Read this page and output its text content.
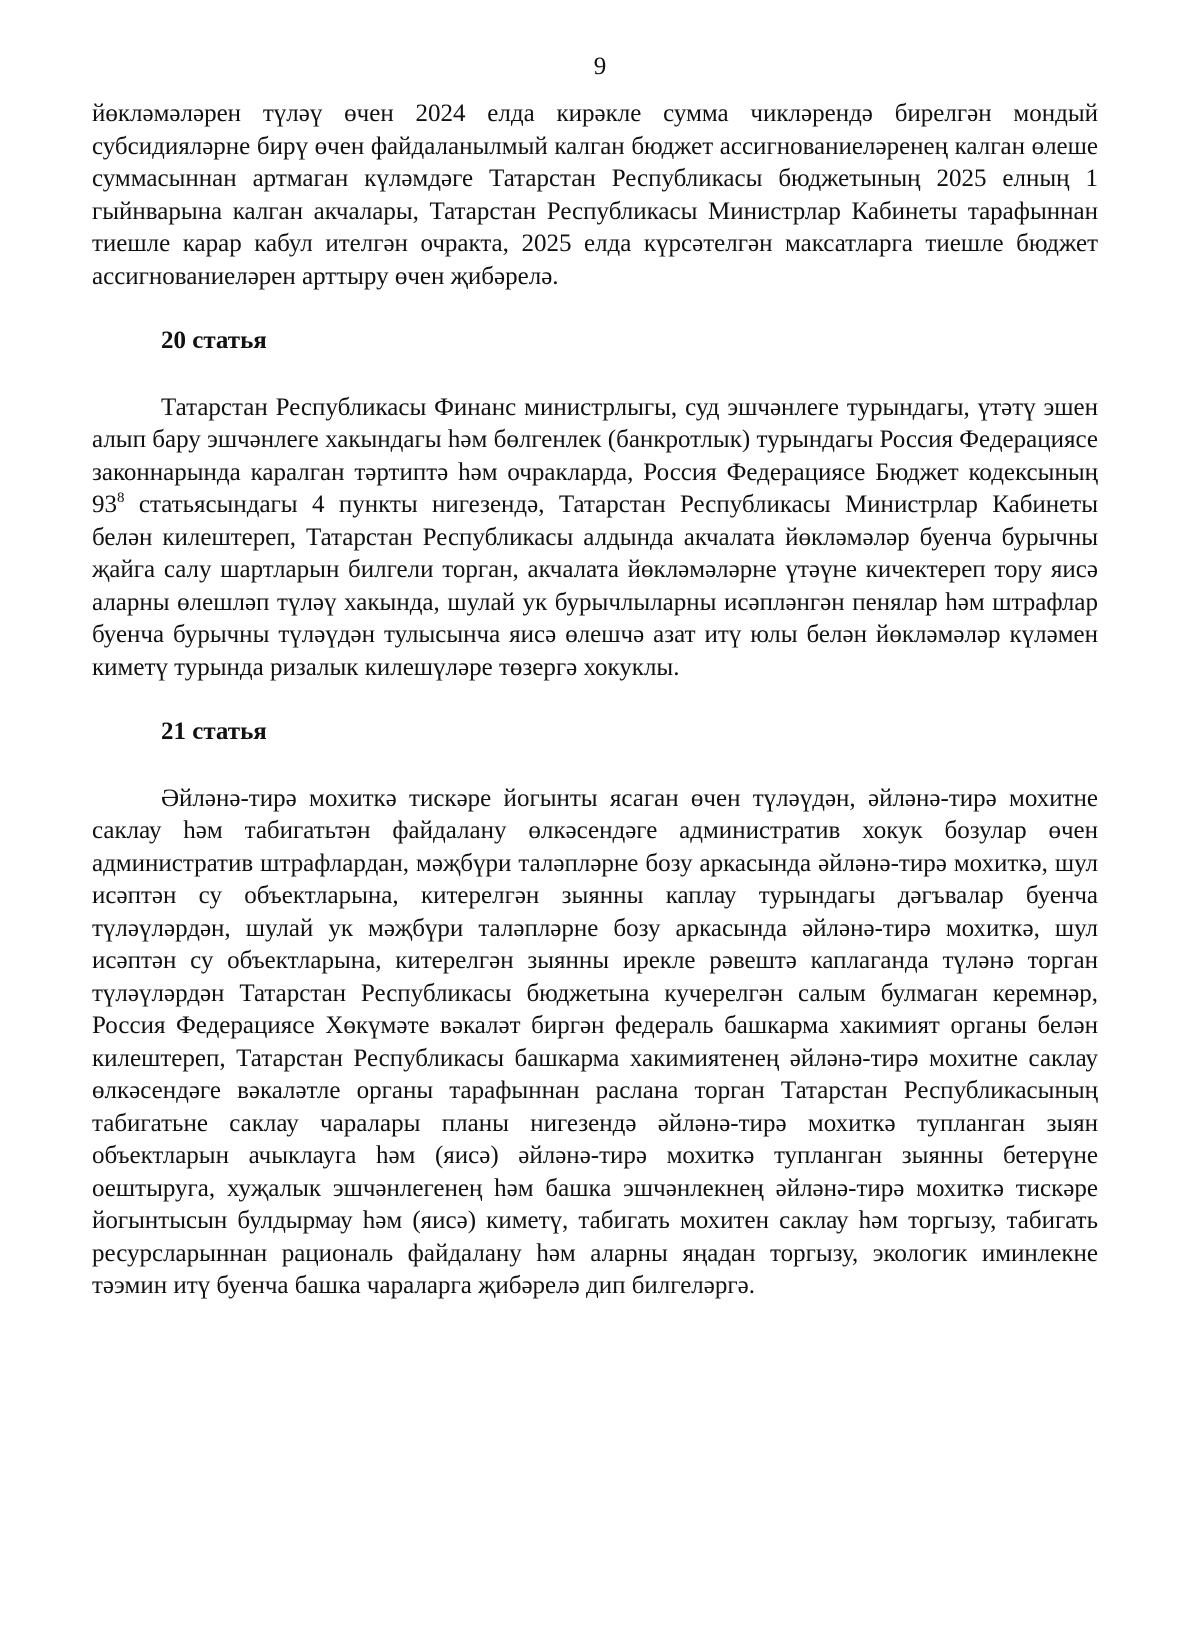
9

йөкләмәләрен түләү өчен 2024 елда кирәкле сумма чикләрендә бирелгән мондый субсидияләрне бирү өчен файдаланылмый калган бюджет ассигнованиеләренең калган өлеше суммасыннан артмаган күләмдәге Татарстан Республикасы бюджетының 2025 елның 1 гыйнварына калган акчалары, Татарстан Республикасы Министрлар Кабинеты тарафыннан тиешле карар кабул ителгән очракта, 2025 елда күрсәтелгән максатларга тиешле бюджет ассигнованиеләрен арттыру өчен җибәрелә.

20 статья

Татарстан Республикасы Финанс министрлыгы, суд эшчәнлеге турындагы, үтәтү эшен алып бару эшчәнлеге хакындагы һәм бөлгенлек (банкротлык) турындагы Россия Федерациясе законнарында каралган тәртиптә һәм очракларда, Россия Федерациясе Бюджет кодексының $93^8$ статьясындагы 4 пункты нигезендә, Татарстан Республикасы Министрлар Кабинеты белән килештереп, Татарстан Республикасы алдында акчалата йөкләмәләр буенча бурычны җайга салу шартларын билгели торган, акчалата йөкләмәләрне үтәүне кичектереп тору яисә аларны өлешләп түләү хакында, шулай ук бурычлыларны исәпләнгән пенялар һәм штрафлар буенча бурычны түләүдән тулысынча яисә өлешчә азат итү юлы белән йөкләмәләр күләмен киметү турында ризалык килешүләре төзергә хокуклы.

21 статья

Әйләнә-тирә мохиткә тискәре йогынты ясаган өчен түләүдән, әйләнә-тирә мохитне саклау һәм табигатьтән файдалану өлкәсендәге административ хокук бозулар өчен административ штрафлардан, мәҗбүри таләпләрне бозу аркасында әйләнә-тирә мохиткә, шул исәптән су объектларына, китерелгән зыянны каплау турындагы дәгъвалар буенча түләүләрдән, шулай ук мәҗбүри таләпләрне бозу аркасында әйләнә-тирә мохиткә, шул исәптән су объектларына, китерелгән зыянны ирекле рәвештә каплаганда түләнә торган түләүләрдән Татарстан Республикасы бюджетына кучерелгән салым булмаган керемнәр, Россия Федерациясе Хөкүмәте вәкаләт биргән федераль башкарма хакимият органы белән килештереп, Татарстан Республикасы башкарма хакимиятенең әйләнә-тирә мохитне саклау өлкәсендәге вәкаләтле органы тарафыннан раслана торган Татарстан Республикасының табигатьне саклау чаралары планы нигезендә әйләнә-тирә мохиткә тупланган зыян объектларын ачыклауга һәм (яисә) әйләнә-тирә мохиткә тупланган зыянны бетерүне оештыруга, хуҗалык эшчәнлегенең һәм башка эшчәнлекнең әйләнә-тирә мохиткә тискәре йогынтысын булдырмау һәм (яисә) киметү, табигать мохитен саклау һәм торгызу, табигать ресурсларыннан рациональ файдалану һәм аларны яңадан торгызу, экологик иминлекне тәэмин итү буенча башка чараларга җибәрелә дип билгеләргә.
